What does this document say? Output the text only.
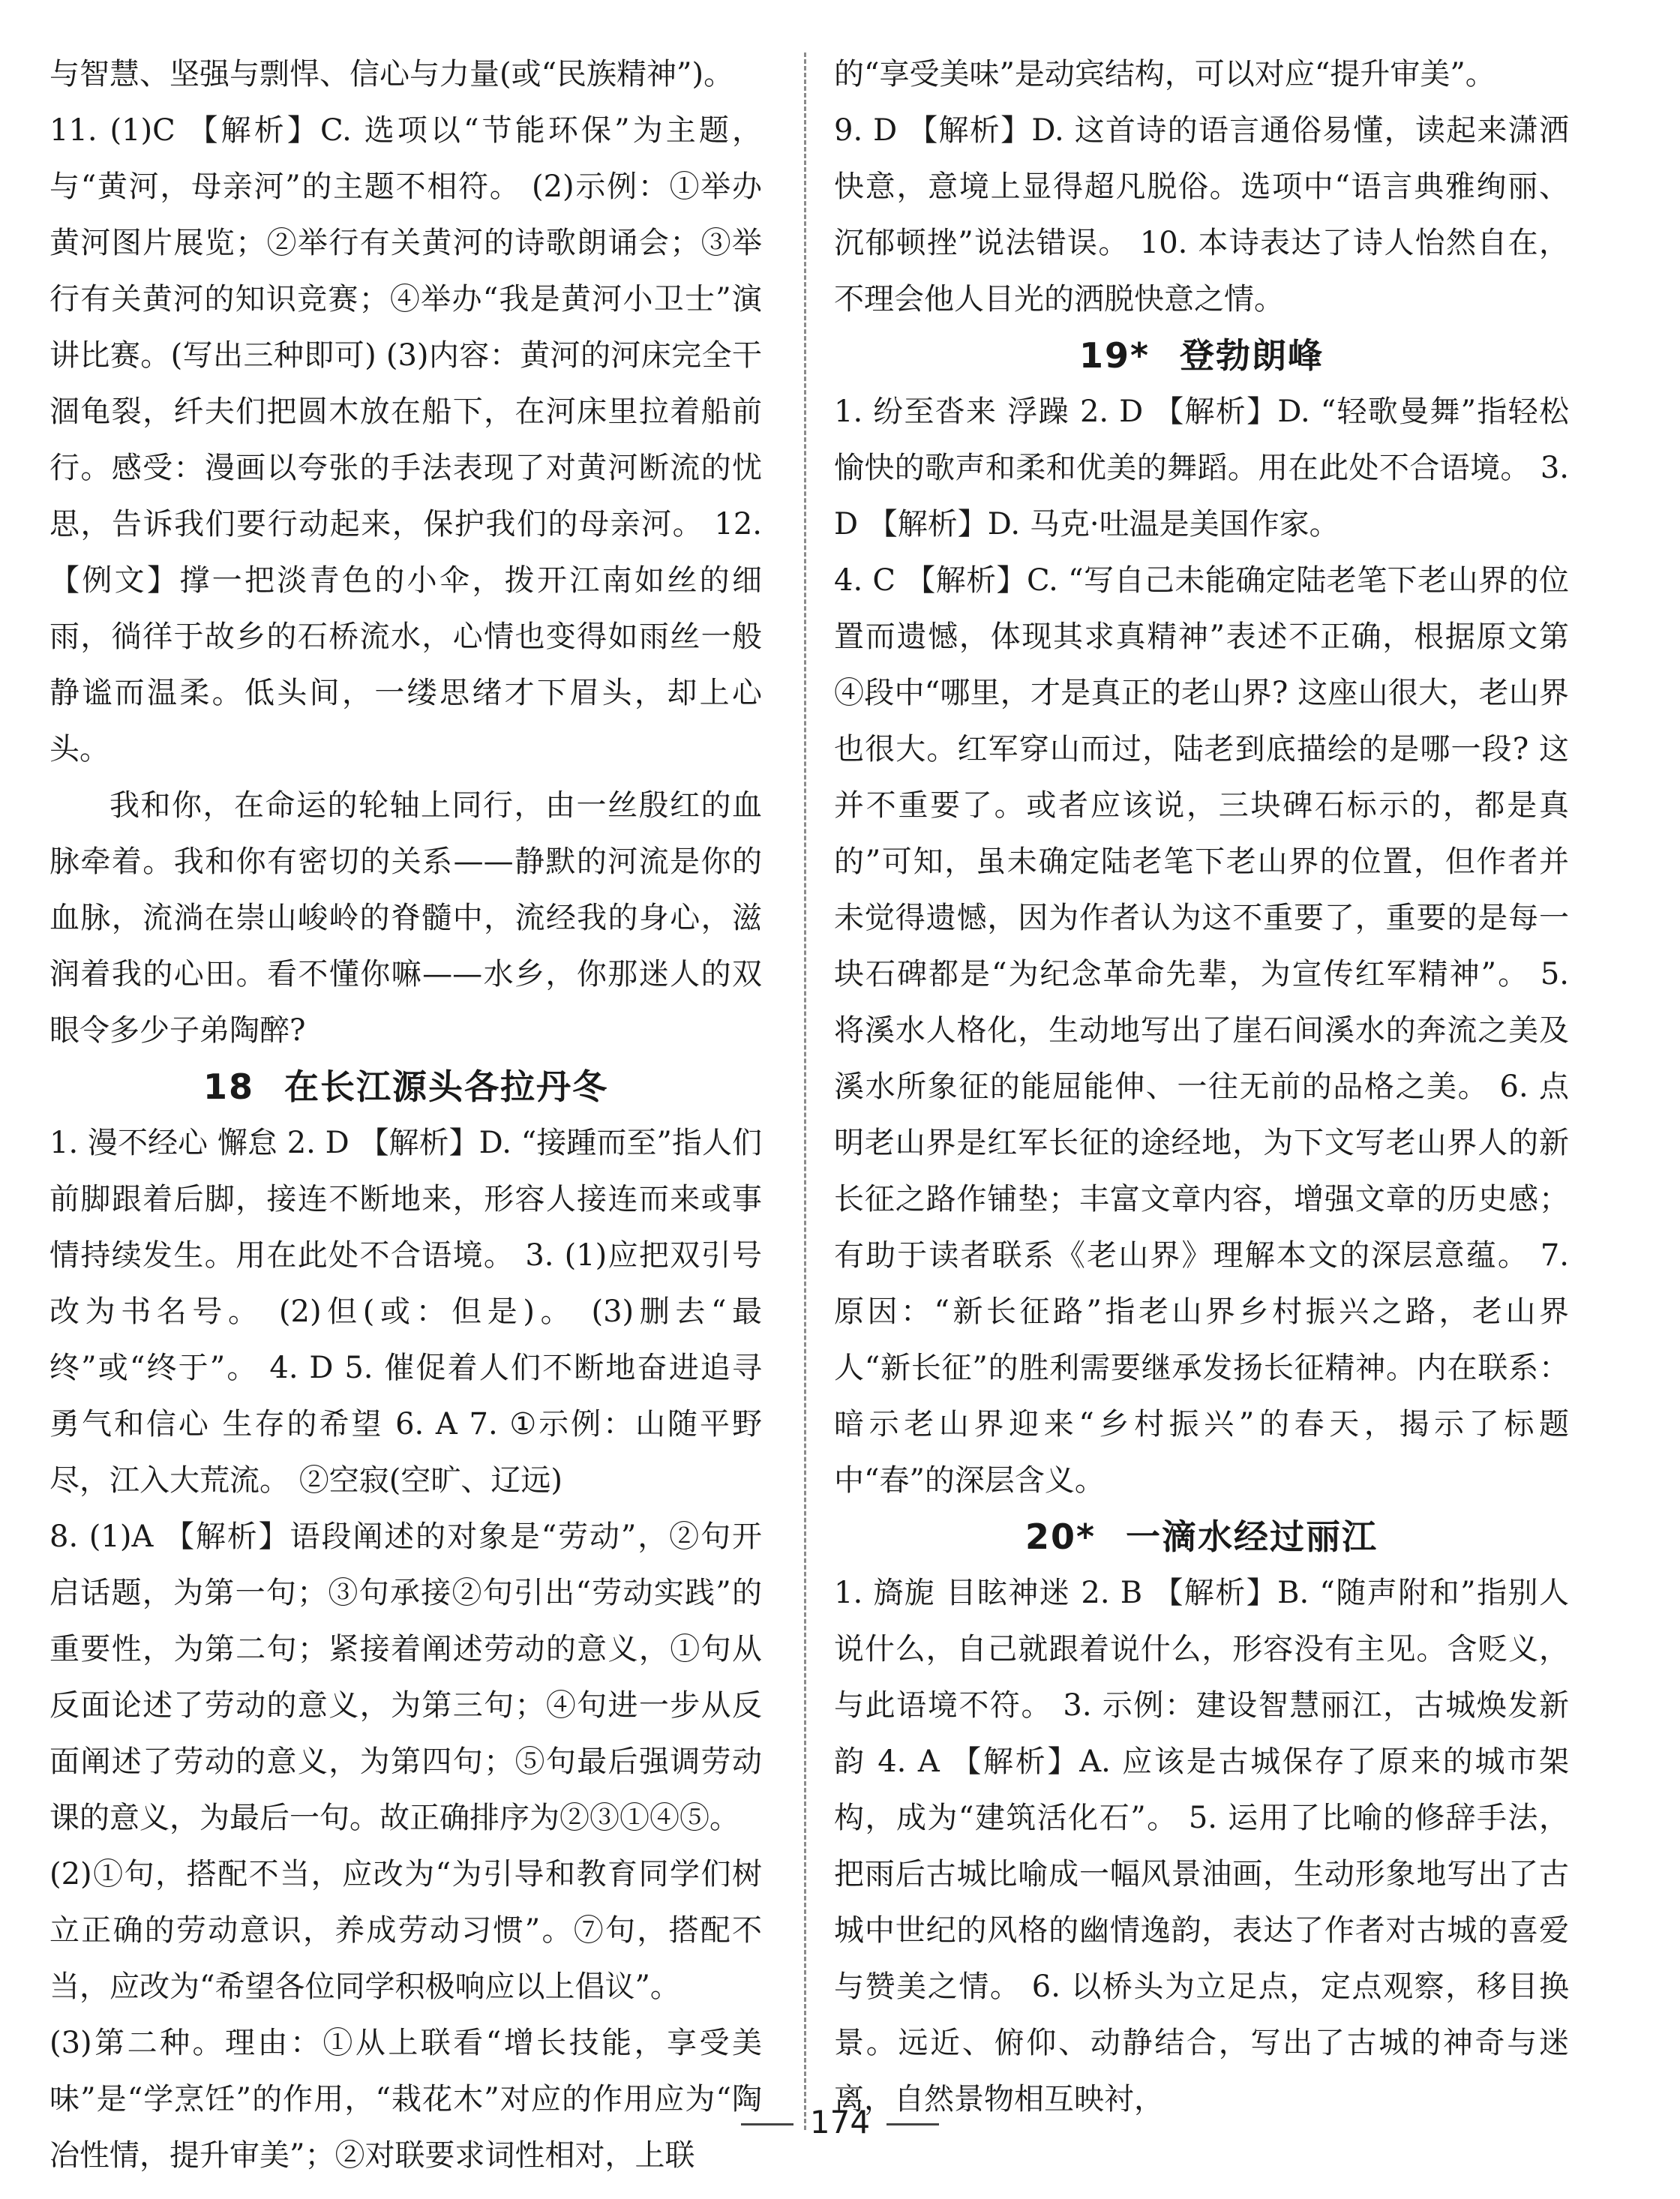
与智慧、坚强与剽悍、信心与力量(或“民族精神”)。

11. (1)C 【解析】C. 选项以“节能环保”为主题，与“黄河，母亲河”的主题不相符。 (2)示例：①举办黄河图片展览；②举行有关黄河的诗歌朗诵会；③举行有关黄河的知识竞赛；④举办“我是黄河小卫士”演讲比赛。(写出三种即可) (3)内容：黄河的河床完全干涸龟裂，纤夫们把圆木放在船下，在河床里拉着船前行。感受：漫画以夸张的手法表现了对黄河断流的忧思，告诉我们要行动起来，保护我们的母亲河。 12.【例文】撑一把淡青色的小伞，拨开江南如丝的细雨，徜徉于故乡的石桥流水，心情也变得如雨丝一般静谧而温柔。低头间，一缕思绪才下眉头，却上心头。

我和你，在命运的轮轴上同行，由一丝殷红的血脉牵着。我和你有密切的关系——静默的河流是你的血脉，流淌在崇山峻岭的脊髓中，流经我的身心，滋润着我的心田。看不懂你嘛——水乡，你那迷人的双眼令多少子弟陶醉?

18 在长江源头各拉丹冬

1. 漫不经心 懈怠 2. D 【解析】D. “接踵而至”指人们前脚跟着后脚，接连不断地来，形容人接连而来或事情持续发生。用在此处不合语境。 3. (1)应把双引号改为书名号。 (2)但(或：但是)。 (3)删去“最终”或“终于”。 4. D 5. 催促着人们不断地奋进追寻 勇气和信心 生存的希望 6. A 7. ①示例：山随平野尽，江入大荒流。 ②空寂(空旷、辽远)

8. (1)A 【解析】语段阐述的对象是“劳动”，②句开启话题，为第一句；③句承接②句引出“劳动实践”的重要性，为第二句；紧接着阐述劳动的意义，①句从反面论述了劳动的意义，为第三句；④句进一步从反面阐述了劳动的意义，为第四句；⑤句最后强调劳动课的意义，为最后一句。故正确排序为②③①④⑤。

(2)①句，搭配不当，应改为“为引导和教育同学们树立正确的劳动意识，养成劳动习惯”。⑦句，搭配不当，应改为“希望各位同学积极响应以上倡议”。

(3)第二种。理由：①从上联看“增长技能，享受美味”是“学烹饪”的作用，“栽花木”对应的作用应为“陶冶性情，提升审美”；②对联要求词性相对，上联

的“享受美味”是动宾结构，可以对应“提升审美”。

9. D 【解析】D. 这首诗的语言通俗易懂，读起来潇洒快意，意境上显得超凡脱俗。选项中“语言典雅绚丽、沉郁顿挫”说法错误。 10. 本诗表达了诗人怡然自在，不理会他人目光的洒脱快意之情。

19* 登勃朗峰

1. 纷至沓来 浮躁 2. D 【解析】D. “轻歌曼舞”指轻松愉快的歌声和柔和优美的舞蹈。用在此处不合语境。 3. D 【解析】D. 马克·吐温是美国作家。

4. C 【解析】C. “写自己未能确定陆老笔下老山界的位置而遗憾，体现其求真精神”表述不正确，根据原文第④段中“哪里，才是真正的老山界? 这座山很大，老山界也很大。红军穿山而过，陆老到底描绘的是哪一段? 这并不重要了。或者应该说，三块碑石标示的，都是真的”可知，虽未确定陆老笔下老山界的位置，但作者并未觉得遗憾，因为作者认为这不重要了，重要的是每一块石碑都是“为纪念革命先辈，为宣传红军精神”。 5. 将溪水人格化，生动地写出了崖石间溪水的奔流之美及溪水所象征的能屈能伸、一往无前的品格之美。 6. 点明老山界是红军长征的途经地，为下文写老山界人的新长征之路作铺垫；丰富文章内容，增强文章的历史感；有助于读者联系《老山界》理解本文的深层意蕴。 7. 原因：“新长征路”指老山界乡村振兴之路，老山界人“新长征”的胜利需要继承发扬长征精神。内在联系：暗示老山界迎来“乡村振兴”的春天，揭示了标题中“春”的深层含义。

20* 一滴水经过丽江

1. 旖旎 目眩神迷 2. B 【解析】B. “随声附和”指别人说什么，自己就跟着说什么，形容没有主见。含贬义，与此语境不符。 3. 示例：建设智慧丽江，古城焕发新韵 4. A 【解析】A. 应该是古城保存了原来的城市架构，成为“建筑活化石”。 5. 运用了比喻的修辞手法，把雨后古城比喻成一幅风景油画，生动形象地写出了古城中世纪的风格的幽情逸韵，表达了作者对古城的喜爱与赞美之情。 6. 以桥头为立足点，定点观察，移目换景。远近、俯仰、动静结合，写出了古城的神奇与迷离，自然景物相互映衬，

174
